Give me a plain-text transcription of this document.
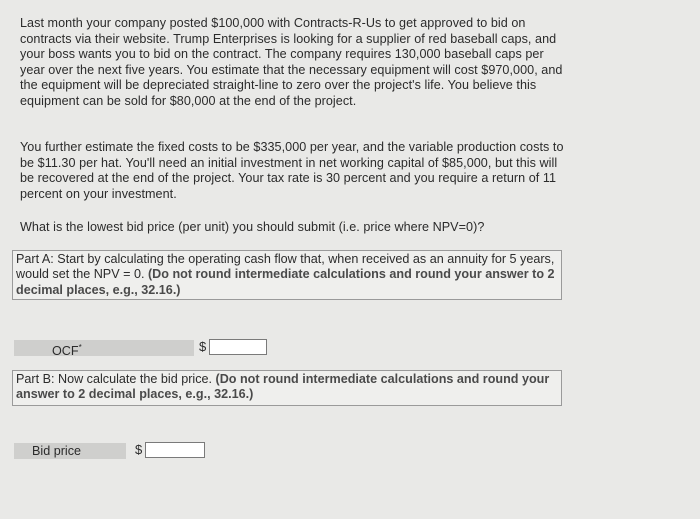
Last month your company posted $100,000 with Contracts-R-Us to get approved to bid on contracts via their website. Trump Enterprises is looking for a supplier of red baseball caps, and your boss wants you to bid on the contract. The company requires 130,000 baseball caps per year over the next five years. You estimate that the necessary equipment will cost $970,000, and the equipment will be depreciated straight-line to zero over the project's life. You believe this equipment can be sold for $80,000 at the end of the project.
You further estimate the fixed costs to be $335,000 per year, and the variable production costs to be $11.30 per hat. You'll need an initial investment in net working capital of $85,000, but this will be recovered at the end of the project. Your tax rate is 30 percent and you require a return of 11 percent on your investment.
What is the lowest bid price (per unit) you should submit (i.e. price where NPV=0)?
Part A: Start by calculating the operating cash flow that, when received as an annuity for 5 years, would set the NPV = 0. (Do not round intermediate calculations and round your answer to 2 decimal places, e.g., 32.16.)
OCF*	$
Part B: Now calculate the bid price. (Do not round intermediate calculations and round your answer to 2 decimal places, e.g., 32.16.)
Bid price	$
